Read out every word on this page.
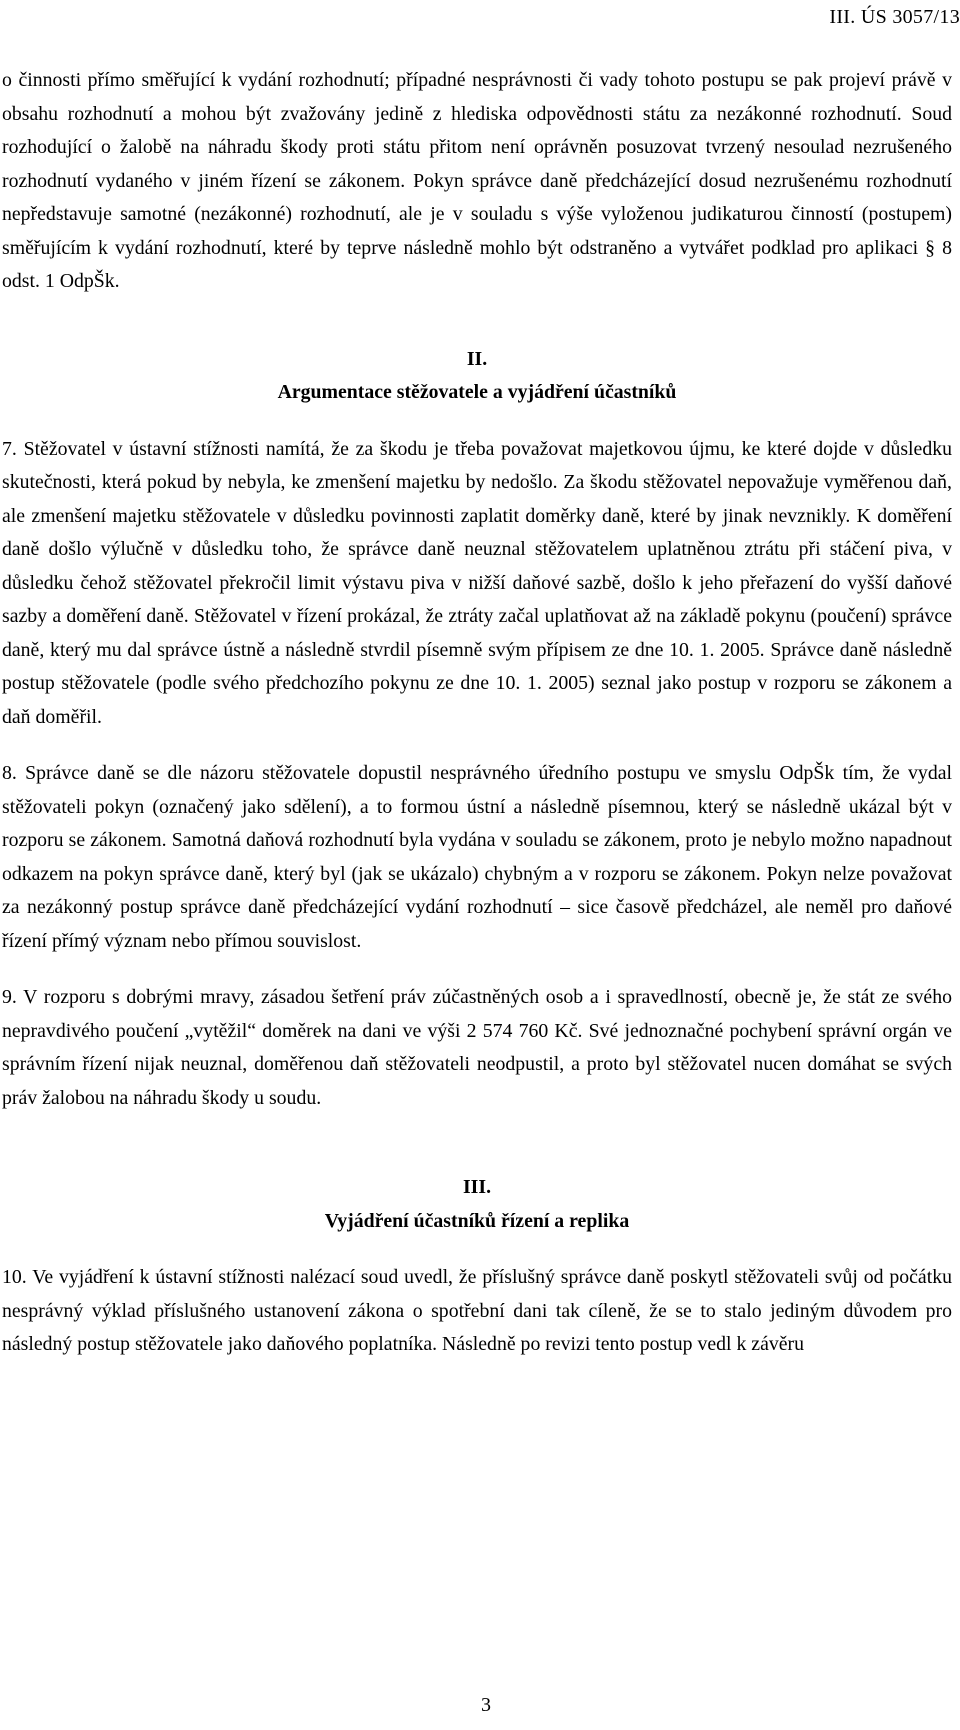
III. ÚS 3057/13

o činnosti přímo směřující k vydání rozhodnutí; případné nesprávnosti či vady tohoto postupu se pak projeví právě v obsahu rozhodnutí a mohou být zvažovány jedině z hlediska odpovědnosti státu za nezákonné rozhodnutí. Soud rozhodující o žalobě na náhradu škody proti státu přitom není oprávněn posuzovat tvrzený nesoulad nezrušeného rozhodnutí vydaného v jiném řízení se zákonem. Pokyn správce daně předcházející dosud nezrušenému rozhodnutí nepředstavuje samotné (nezákonné) rozhodnutí, ale je v souladu s výše vyloženou judikaturou činností (postupem) směřujícím k vydání rozhodnutí, které by teprve následně mohlo být odstraněno a vytvářet podklad pro aplikaci § 8 odst. 1 OdpŠk.

II.

Argumentace stěžovatele a vyjádření účastníků

7. Stěžovatel v ústavní stížnosti namítá, že za škodu je třeba považovat majetkovou újmu, ke které dojde v důsledku skutečnosti, která pokud by nebyla, ke zmenšení majetku by nedošlo. Za škodu stěžovatel nepovažuje vyměřenou daň, ale zmenšení majetku stěžovatele v důsledku povinnosti zaplatit doměrky daně, které by jinak nevznikly. K doměření daně došlo výlučně v důsledku toho, že správce daně neuznal stěžovatelem uplatněnou ztrátu při stáčení piva, v důsledku čehož stěžovatel překročil limit výstavu piva v nižší daňové sazbě, došlo k jeho přeřazení do vyšší daňové sazby a doměření daně. Stěžovatel v řízení prokázal, že ztráty začal uplatňovat až na základě pokynu (poučení) správce daně, který mu dal správce ústně a následně stvrdil písemně svým přípisem ze dne 10. 1. 2005. Správce daně následně postup stěžovatele (podle svého předchozího pokynu ze dne 10. 1. 2005) seznal jako postup v rozporu se zákonem a daň doměřil.

8. Správce daně se dle názoru stěžovatele dopustil nesprávného úředního postupu ve smyslu OdpŠk tím, že vydal stěžovateli pokyn (označený jako sdělení), a to formou ústní a následně písemnou, který se následně ukázal být v rozporu se zákonem. Samotná daňová rozhodnutí byla vydána v souladu se zákonem, proto je nebylo možno napadnout odkazem na pokyn správce daně, který byl (jak se ukázalo) chybným a v rozporu se zákonem. Pokyn nelze považovat za nezákonný postup správce daně předcházející vydání rozhodnutí – sice časově předcházel, ale neměl pro daňové řízení přímý význam nebo přímou souvislost.

9. V rozporu s dobrými mravy, zásadou šetření práv zúčastněných osob a i spravedlností, obecně je, že stát ze svého nepravdivého poučení „vytěžil“ doměrek na dani ve výši 2 574 760 Kč. Své jednoznačné pochybení správní orgán ve správním řízení nijak neuznal, doměřenou daň stěžovateli neodpustil, a proto byl stěžovatel nucen domáhat se svých práv žalobou na náhradu škody u soudu.

III.

Vyjádření účastníků řízení a replika

10. Ve vyjádření k ústavní stížnosti nalézací soud uvedl, že příslušný správce daně poskytl stěžovateli svůj od počátku nesprávný výklad příslušného ustanovení zákona o spotřební dani tak cíleně, že se to stalo jediným důvodem pro následný postup stěžovatele jako daňového poplatníka. Následně po revizi tento postup vedl k závěru

3
